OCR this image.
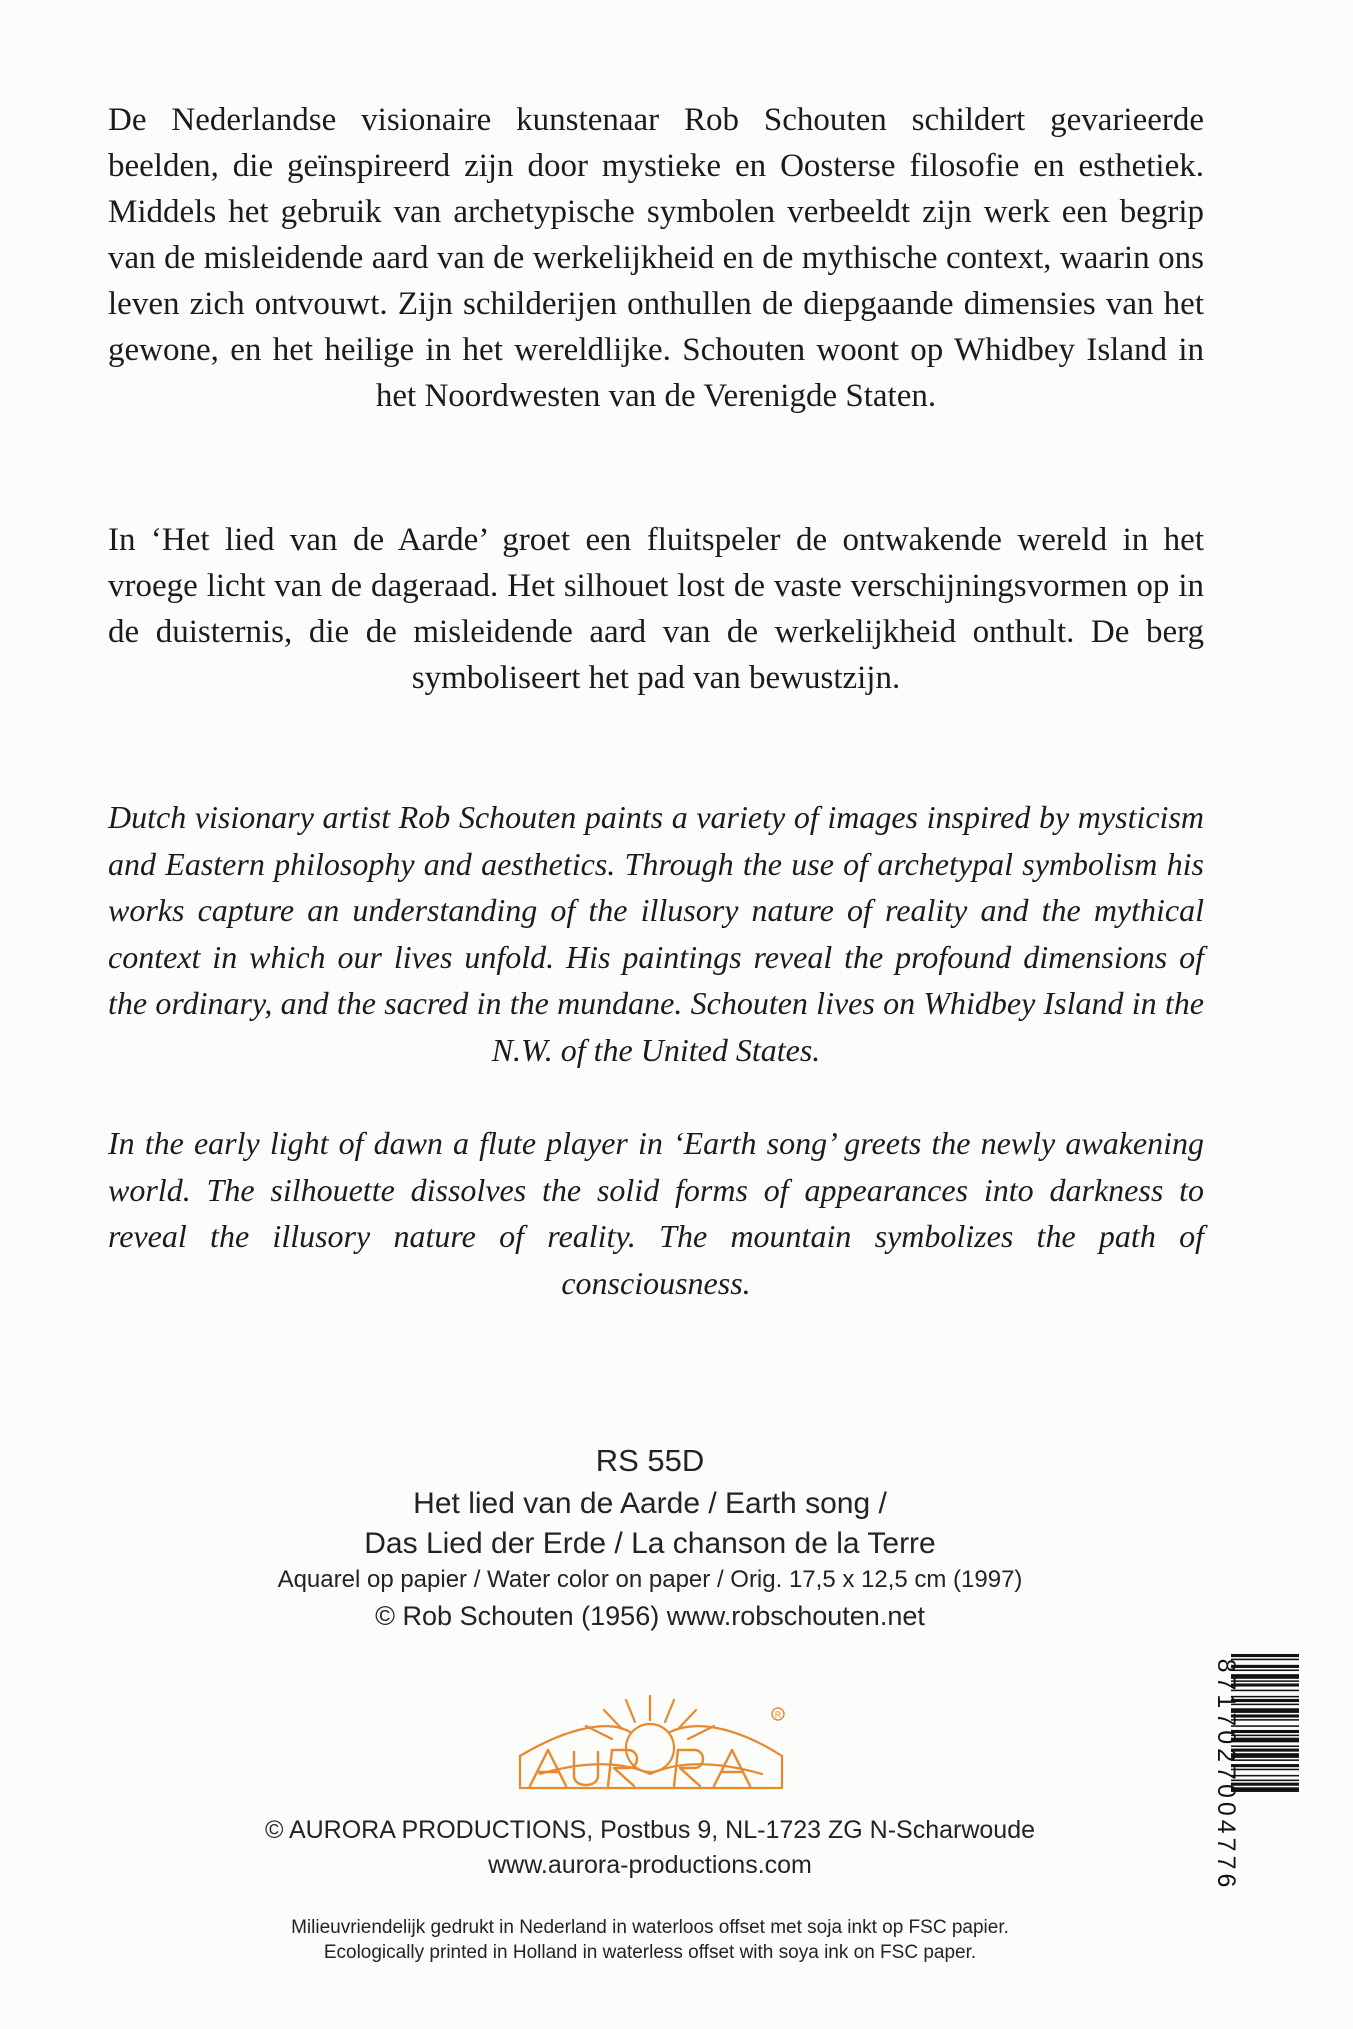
De Nederlandse visionaire kunstenaar Rob Schouten schildert gevarieerde beelden, die geïnspireerd zijn door mystieke en Oosterse filosofie en esthetiek. Middels het gebruik van archetypische symbolen verbeeldt zijn werk een begrip van de misleidende aard van de werkelijkheid en de mythische context, waarin ons leven zich ontvouwt. Zijn schilderijen onthullen de diepgaande dimensies van het gewone, en het heilige in het wereldlijke. Schouten woont op Whidbey Island in het Noordwesten van de Verenigde Staten.

In ‘Het lied van de Aarde’ groet een fluitspeler de ontwakende wereld in het vroege licht van de dageraad. Het silhouet lost de vaste verschijningsvormen op in de duisternis, die de misleidende aard van de werkelijkheid onthult. De berg symboliseert het pad van bewustzijn.

Dutch visionary artist Rob Schouten paints a variety of images inspired by mysticism and Eastern philosophy and aesthetics. Through the use of archetypal symbolism his works capture an understanding of the illusory nature of reality and the mythical context in which our lives unfold. His paintings reveal the profound dimensions of the ordinary, and the sacred in the mundane. Schouten lives on Whidbey Island in the N.W. of the United States.

In the early light of dawn a flute player in ‘Earth song’ greets the newly awakening world. The silhouette dissolves the solid forms of appearances into darkness to reveal the illusory nature of reality. The mountain symbolizes the path of consciousness.

RS 55D
Het lied van de Aarde / Earth song /
Das Lied der Erde / La chanson de la Terre
Aquarel op papier / Water color on paper / Orig. 17,5 x 12,5 cm (1997)
© Rob Schouten (1956) www.robschouten.net
R
© AURORA PRODUCTIONS, Postbus 9, NL-1723 ZG N-Scharwoude
www.aurora-productions.com
Milieuvriendelijk gedrukt in Nederland in waterloos offset met soja inkt op FSC papier.
Ecologically printed in Holland in waterless offset with soya ink on FSC paper.
8717027004776
